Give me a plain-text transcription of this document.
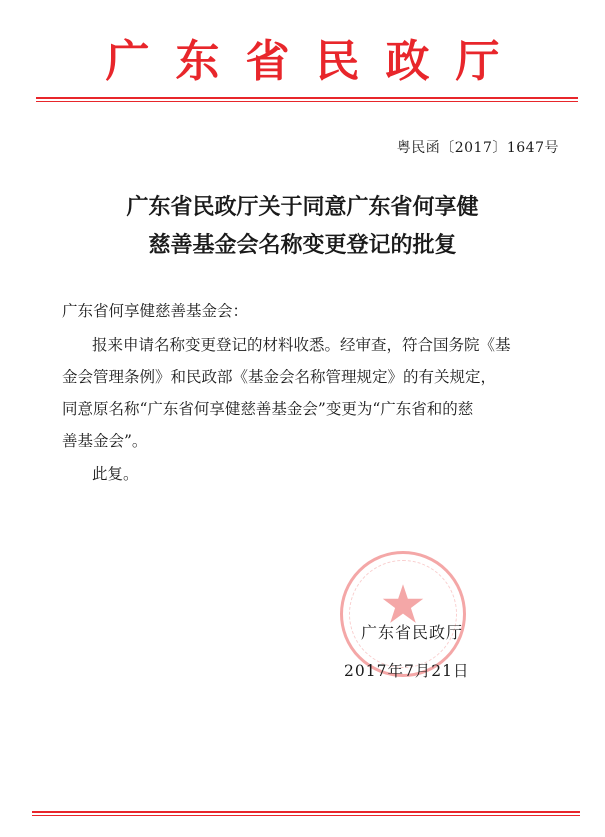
广东省民政厅
粤民函〔2017〕1647号
广东省民政厅关于同意广东省何享健
慈善基金会名称变更登记的批复
广东省何享健慈善基金会：
报来申请名称变更登记的材料收悉。经审查，符合国务院《基
金会管理条例》和民政部《基金会名称管理规定》的有关规定，
同意原名称“广东省何享健慈善基金会”变更为“广东省和的慈
善基金会”。
此复。
广东省民政厅
2017年7月21日
